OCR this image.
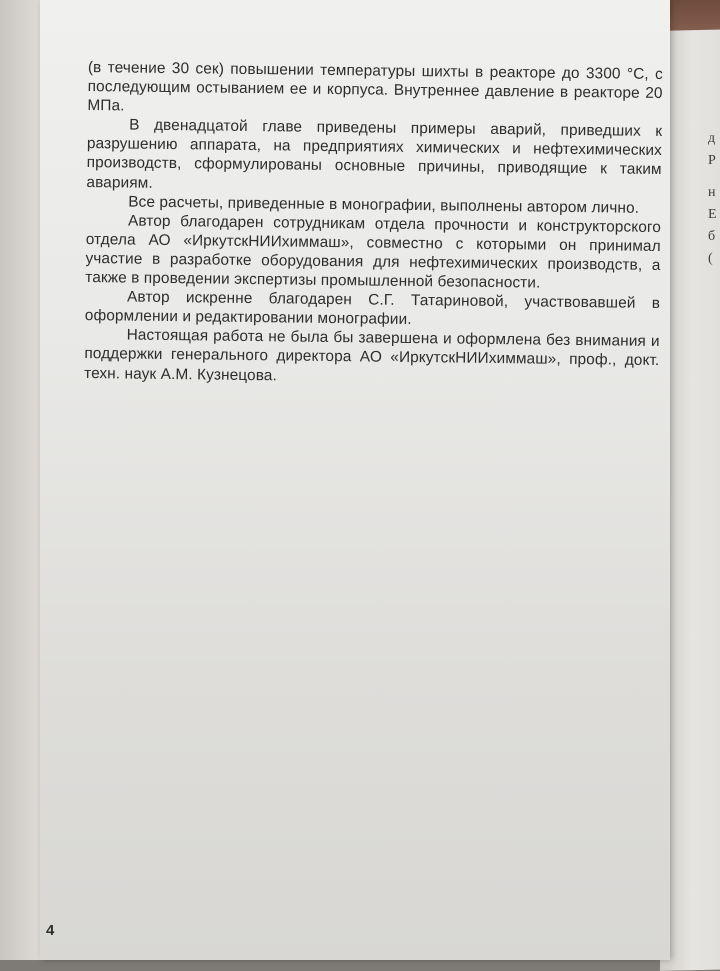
д
Р
н
Е
б
(

(в течение 30 сек) повышении температуры шихты в реакторе до 3300 °С, с последующим остыванием ее и корпуса. Внутреннее давление в реакторе 20 МПа.

В двенадцатой главе приведены примеры аварий, приведших к разрушению аппарата, на предприятиях химических и нефтехимических производств, сформулированы основные причины, приводящие к таким авариям.

Все расчеты, приведенные в монографии, выполнены автором лично.

Автор благодарен сотрудникам отдела прочности и конструкторского отдела АО «ИркутскНИИхиммаш», совместно с которыми он принимал участие в разработке оборудования для нефтехимических производств, а также в проведении экспертизы промышленной безопасности.

Автор искренне благодарен С.Г. Татариновой, участвовавшей в оформлении и редактировании монографии.

Настоящая работа не была бы завершена и оформлена без внимания и поддержки генерального директора АО «ИркутскНИИхиммаш», проф., докт. техн. наук А.М. Кузнецова.

4
